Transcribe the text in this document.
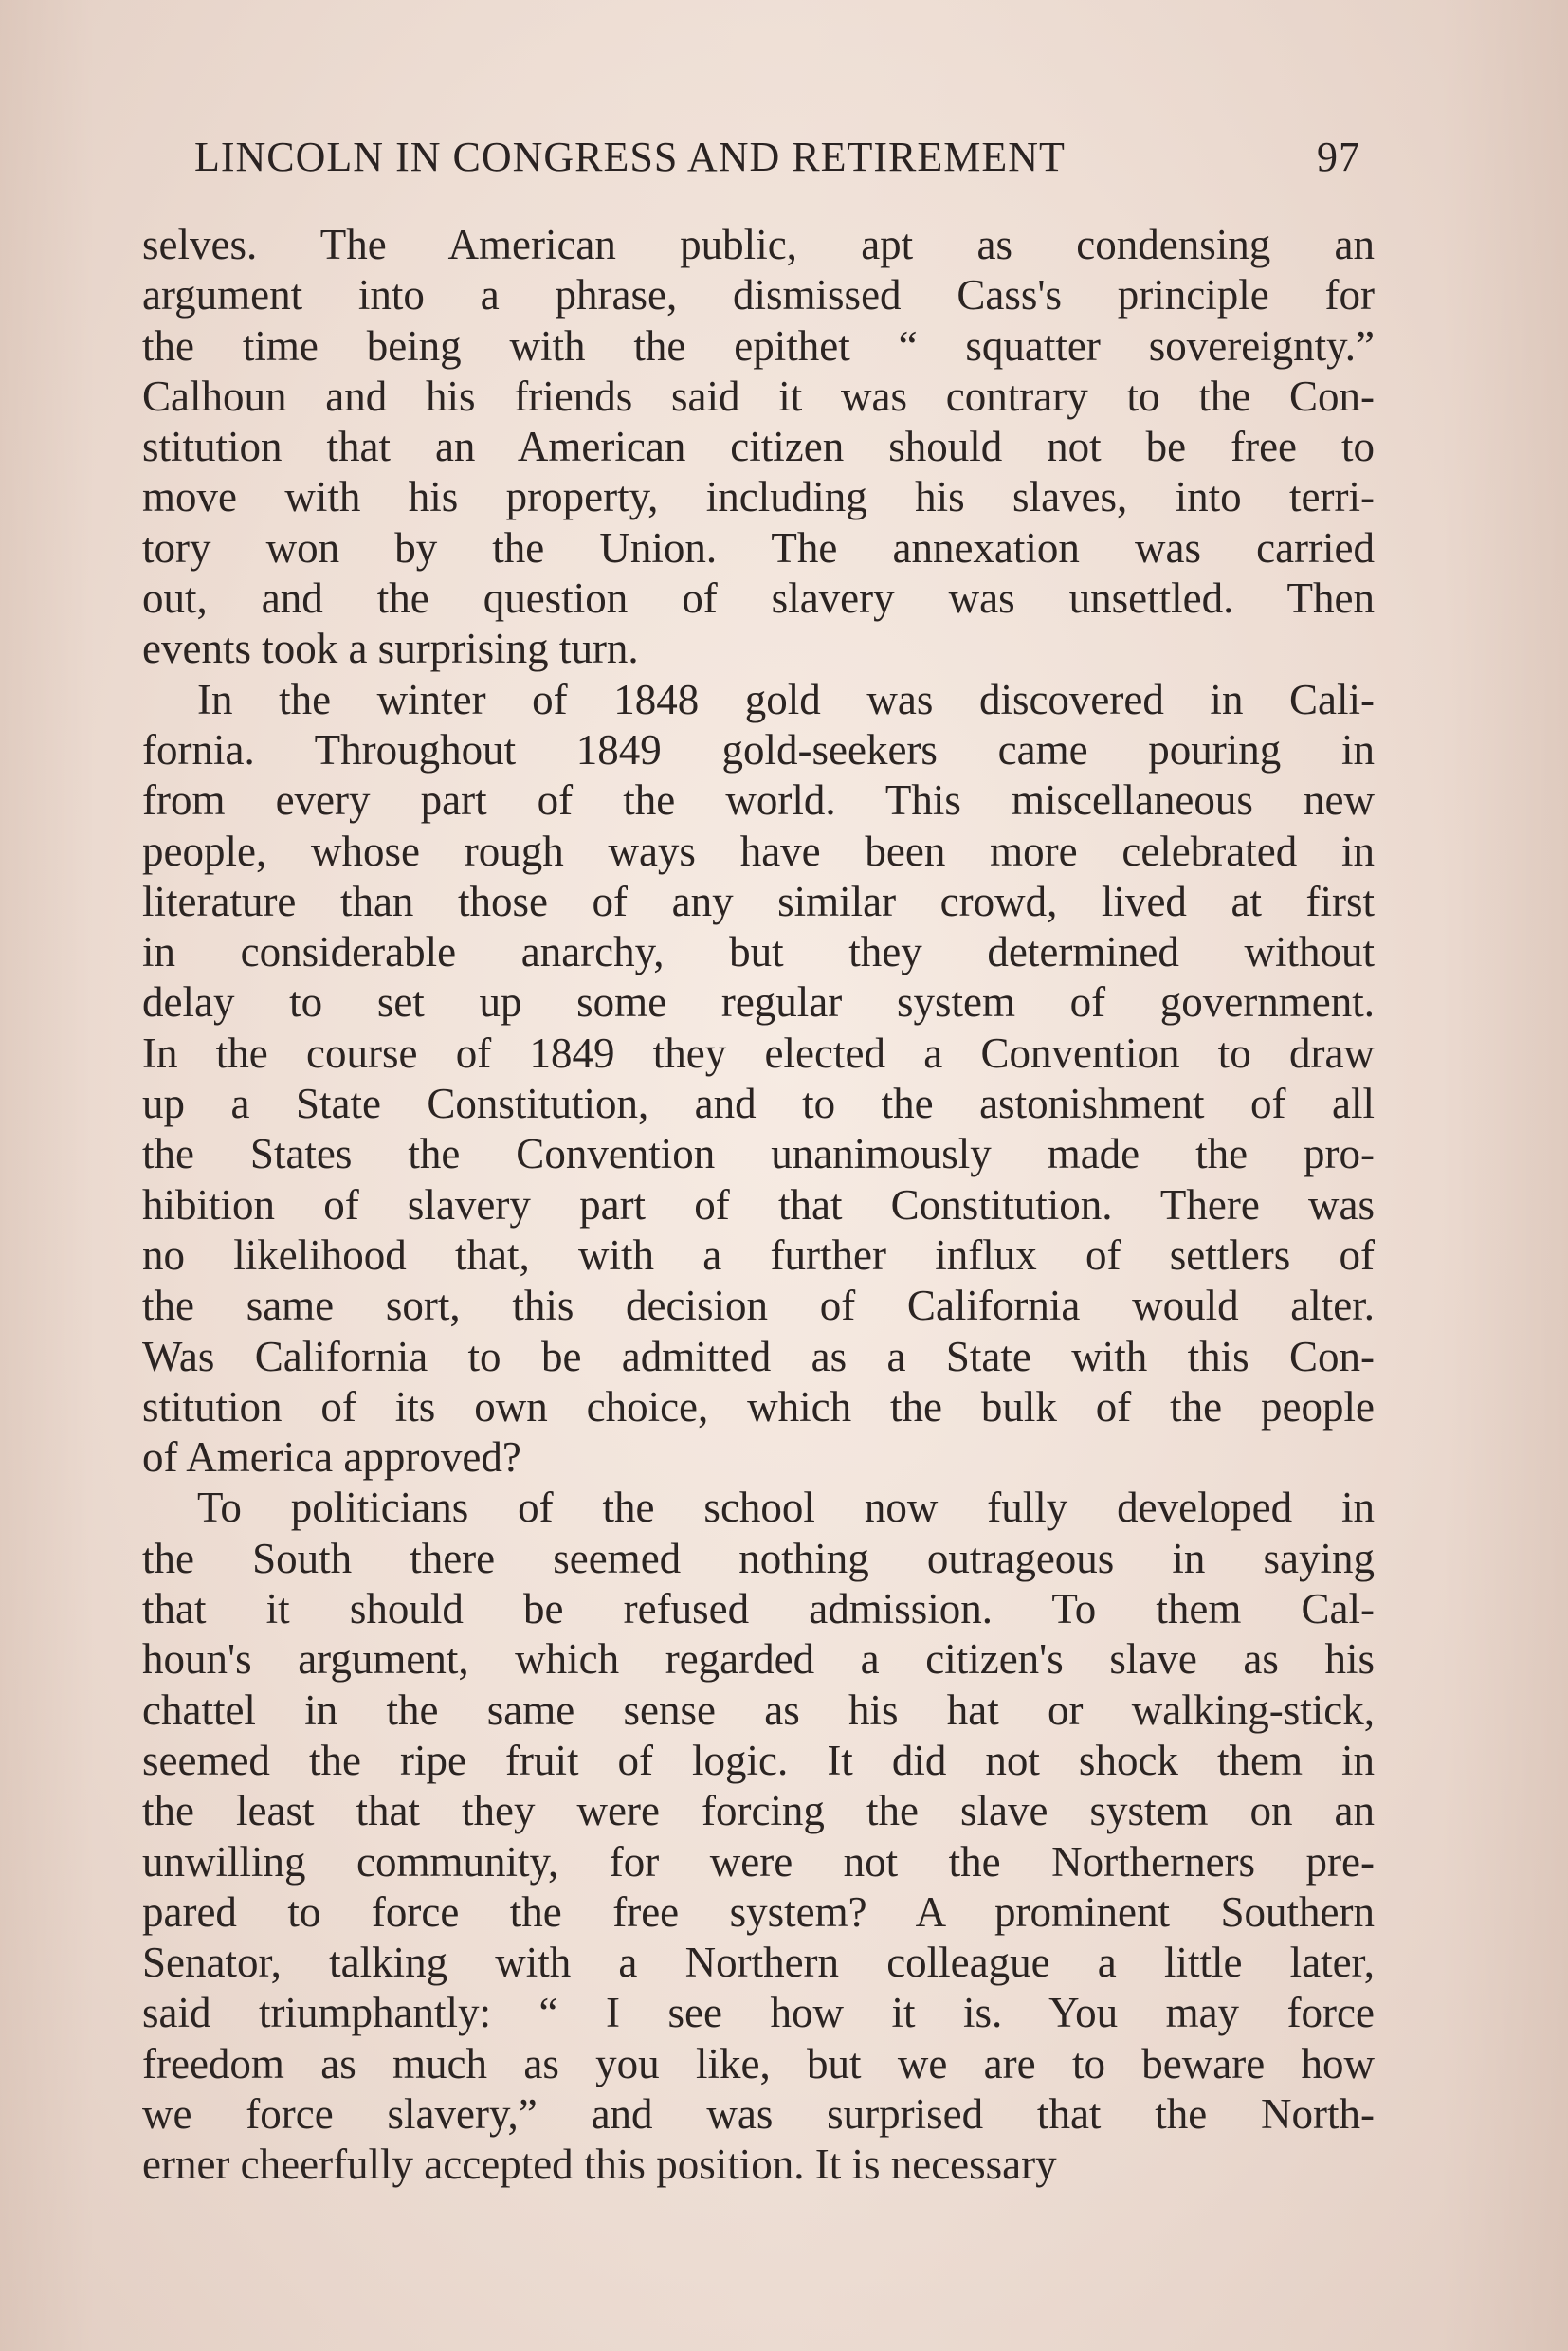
LINCOLN IN CONGRESS AND RETIREMENT	97
selves. The American public, apt as condensing an
argument into a phrase, dismissed Cass's principle for
the time being with the epithet “ squatter sovereignty.”
Calhoun and his friends said it was contrary to the Con-
stitution that an American citizen should not be free to
move with his property, including his slaves, into terri-
tory won by the Union. The annexation was carried
out, and the question of slavery was unsettled. Then
events took a surprising turn.
In the winter of 1848 gold was discovered in Cali-
fornia. Throughout 1849 gold-seekers came pouring in
from every part of the world. This miscellaneous new
people, whose rough ways have been more celebrated in
literature than those of any similar crowd, lived at first
in considerable anarchy, but they determined without
delay to set up some regular system of government.
In the course of 1849 they elected a Convention to draw
up a State Constitution, and to the astonishment of all
the States the Convention unanimously made the pro-
hibition of slavery part of that Constitution. There was
no likelihood that, with a further influx of settlers of
the same sort, this decision of California would alter.
Was California to be admitted as a State with this Con-
stitution of its own choice, which the bulk of the people
of America approved?
To politicians of the school now fully developed in
the South there seemed nothing outrageous in saying
that it should be refused admission. To them Cal-
houn's argument, which regarded a citizen's slave as his
chattel in the same sense as his hat or walking-stick,
seemed the ripe fruit of logic. It did not shock them in
the least that they were forcing the slave system on an
unwilling community, for were not the Northerners pre-
pared to force the free system? A prominent Southern
Senator, talking with a Northern colleague a little later,
said triumphantly: “ I see how it is. You may force
freedom as much as you like, but we are to beware how
we force slavery,” and was surprised that the North-
erner cheerfully accepted this position. It is necessary
